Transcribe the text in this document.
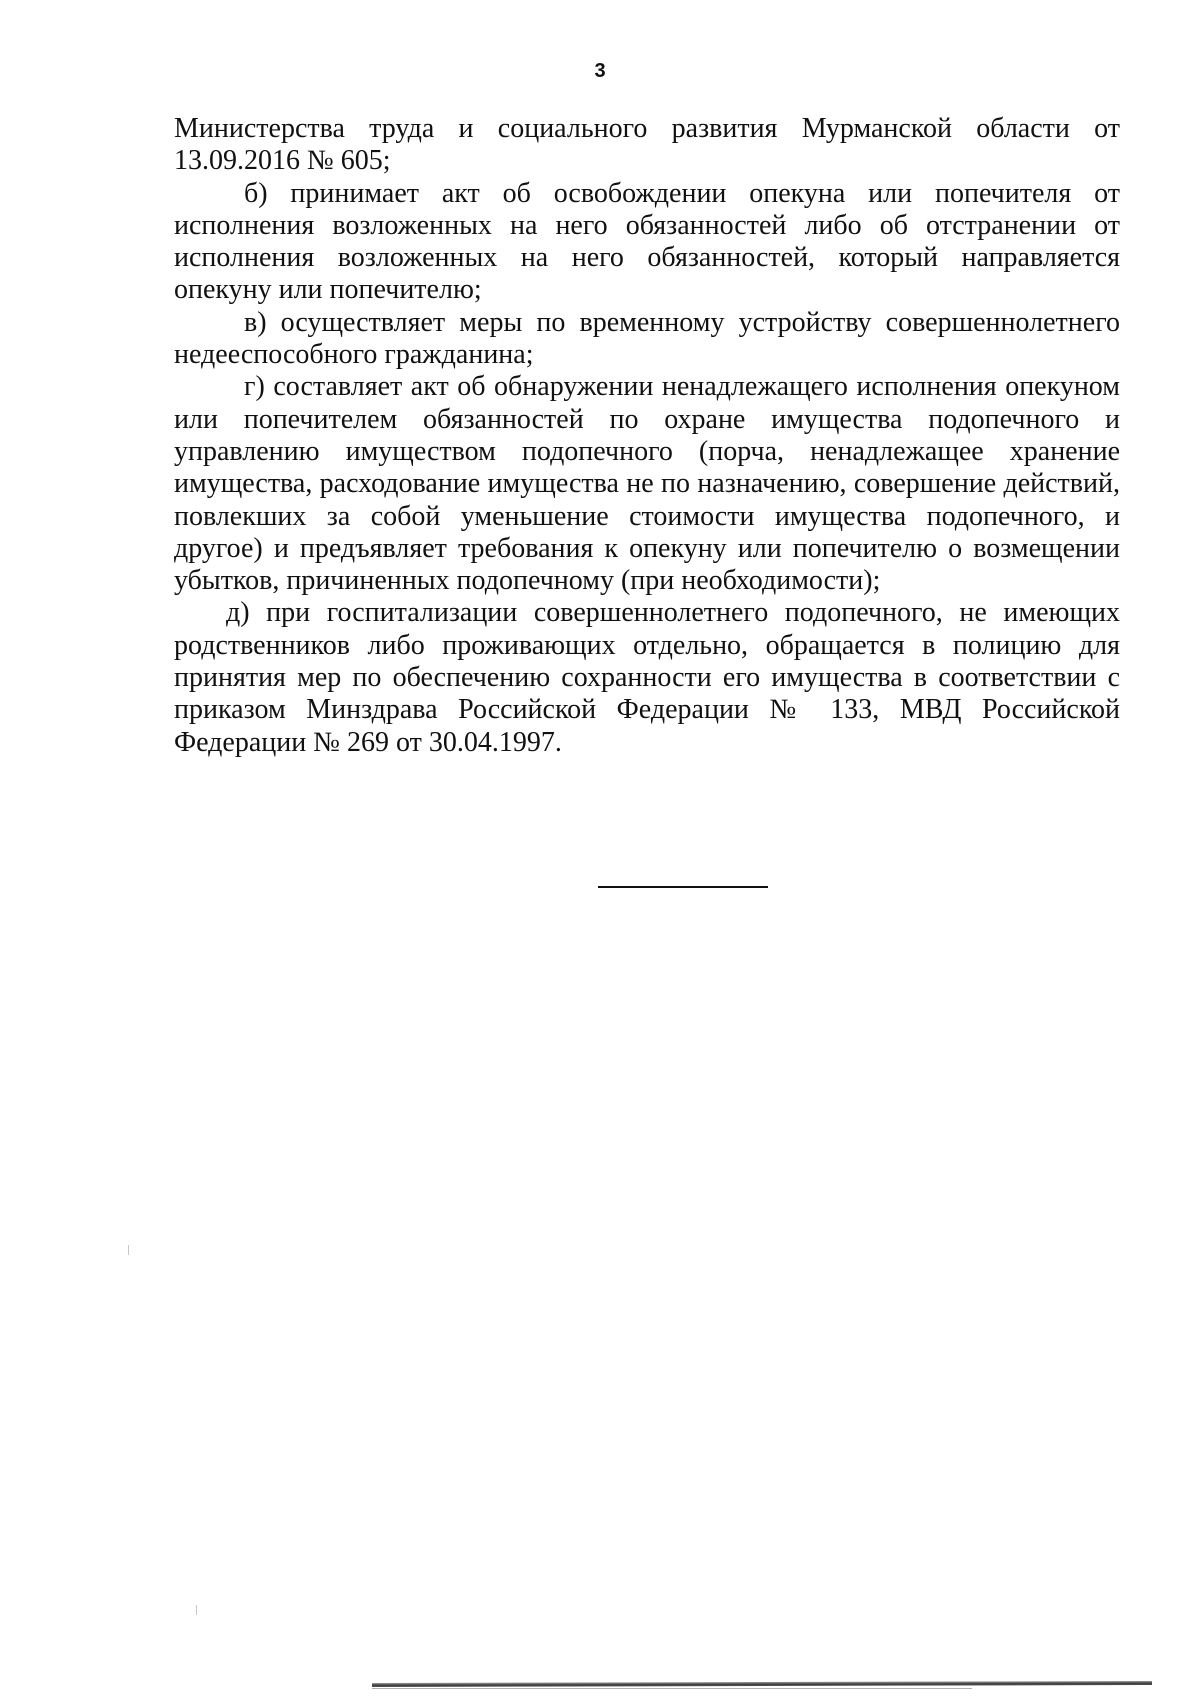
3

Министерства труда и социального развития Мурманской области от 13.09.2016 № 605;

б) принимает акт об освобождении опекуна или попечителя от исполнения возложенных на него обязанностей либо об отстранении от исполнения возложенных на него обязанностей, который направляется опекуну или попечителю;

в) осуществляет меры по временному устройству совершеннолетнего недееспособного гражданина;

г) составляет акт об обнаружении ненадлежащего исполнения опекуном или попечителем обязанностей по охране имущества подопечного и управлению имуществом подопечного (порча, ненадлежащее хранение имущества, расходование имущества не по назначению, совершение действий, повлекших за собой уменьшение стоимости имущества подопечного, и другое) и предъявляет требования к опекуну или попечителю о возмещении убытков, причиненных подопечному (при необходимости);

д) при госпитализации совершеннолетнего подопечного, не имеющих родственников либо проживающих отдельно, обращается в полицию для принятия мер по обеспечению сохранности его имущества в соответствии с приказом Минздрава Российской Федерации № 133, МВД Российской Федерации № 269 от 30.04.1997.
